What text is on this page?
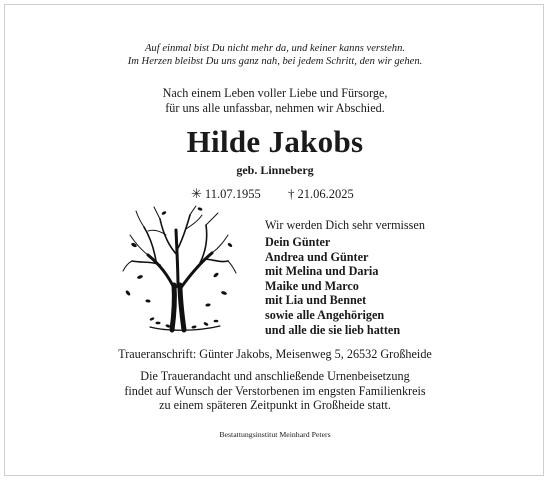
Auf einmal bist Du nicht mehr da, und keiner kanns verstehn.
Im Herzen bleibst Du uns ganz nah, bei jedem Schritt, den wir gehen.
Nach einem Leben voller Liebe und Fürsorge,
für uns alle unfassbar, nehmen wir Abschied.
Hilde Jakobs
geb. Linneberg
✳ 11.07.1955 † 21.06.2025
Wir werden Dich sehr vermissen
Dein Günter
Andrea und Günter
mit Melina und Daria
Maike und Marco
mit Lia und Bennet
sowie alle Angehörigen
und alle die sie lieb hatten
Traueranschrift: Günter Jakobs, Meisenweg 5, 26532 Großheide
Die Trauerandacht und anschließende Urnenbeisetzung
findet auf Wunsch der Verstorbenen im engsten Familienkreis
zu einem späteren Zeitpunkt in Großheide statt.
Bestattungsinstitut Meinhard Peters
